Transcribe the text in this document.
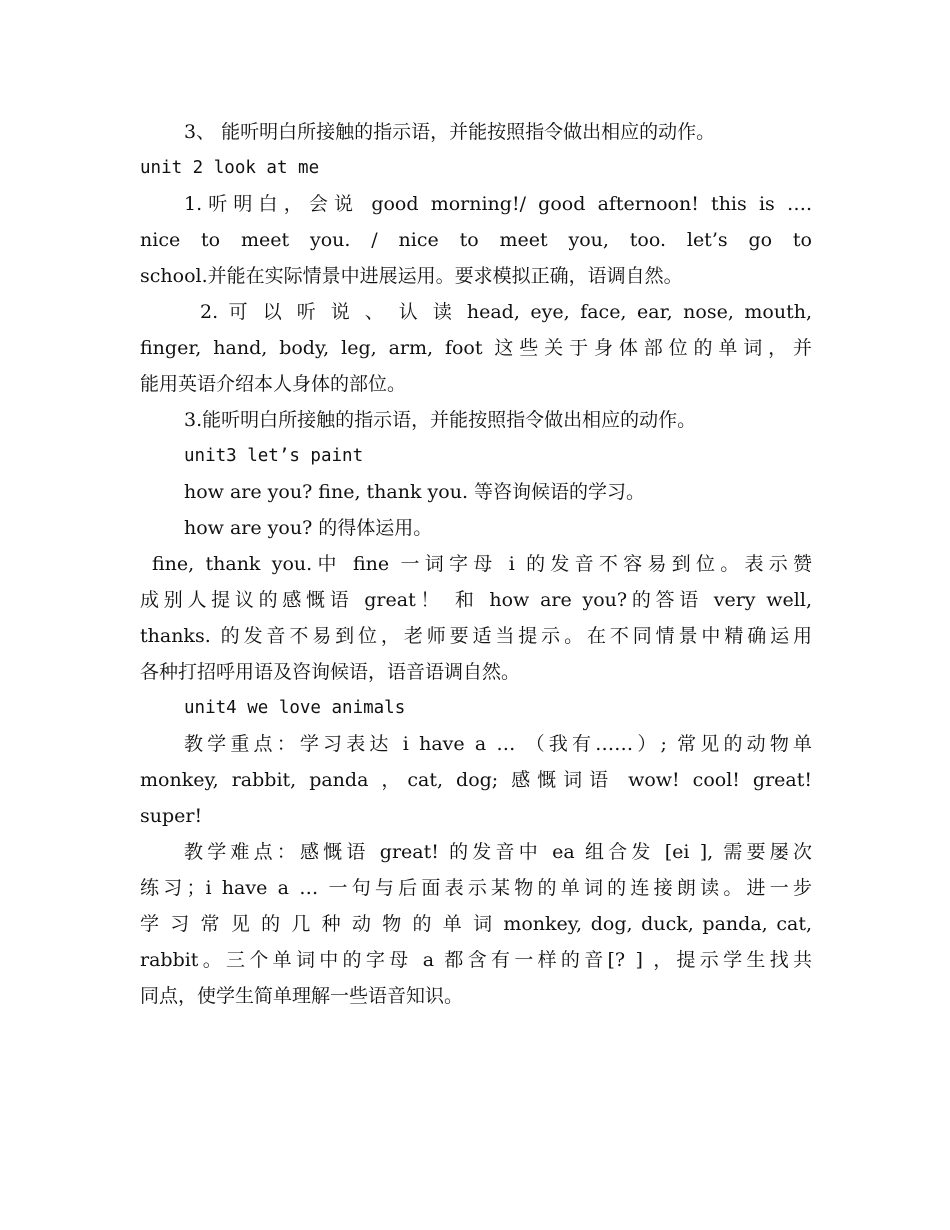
3、 能听明白所接触的指示语，并能按照指令做出相应的动作。
unit 2 look at me
1.听明白，会说 good morning!/ good afternoon! this is ….
nice to meet you. / nice to meet you, too. let’s go to
school.并能在实际情景中进展运用。要求模拟正确，语调自然。
2. 可 以 听 说 、 认 读 head, eye, face, ear, nose, mouth,
finger, hand, body, leg, arm, foot 这些关于身体部位的单词，并
能用英语介绍本人身体的部位。
3.能听明白所接触的指示语，并能按照指令做出相应的动作。
unit3 let’s paint
how are you? fine, thank you. 等咨询候语的学习。
how are you? 的得体运用。
fine, thank you.中 fine 一词字母 i 的发音不容易到位。表示赞
成别人提议的感慨语 great！ 和 how are you?的答语 very well,
thanks. 的发音不易到位，老师要适当提示。在不同情景中精确运用
各种打招呼用语及咨询候语，语音语调自然。
unit4 we love animals
教学重点：学习表达 i have a … （我有……）; 常见的动物单
monkey, rabbit, panda ，cat, dog; 感慨词语 wow! cool! great!
super!
教学难点：感慨语 great! 的发音中 ea 组合发 [ei ], 需要屡次
练习；i have a … 一句与后面表示某物的单词的连接朗读。进一步
学 习 常 见 的 几 种 动 物 的 单 词 monkey, dog, duck, panda, cat,
rabbit。三个单词中的字母 a 都含有一样的音[? ] ，提示学生找共
同点，使学生简单理解一些语音知识。
